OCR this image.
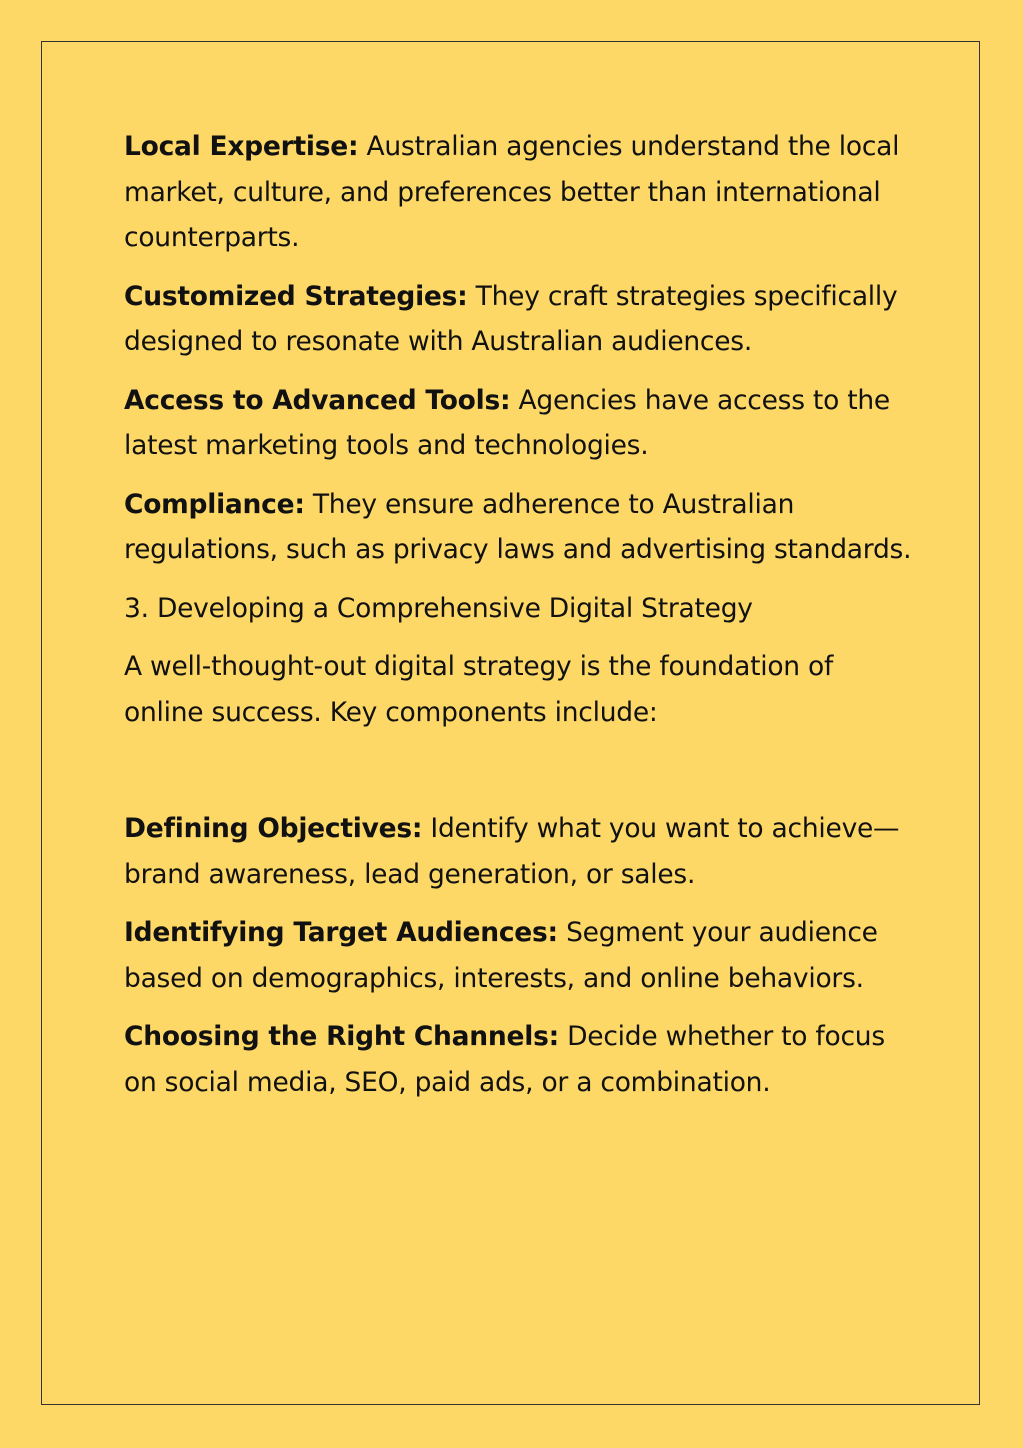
Local Expertise: Australian agencies understand the local market, culture, and preferences better than international counterparts.

Customized Strategies: They craft strategies specifically designed to resonate with Australian audiences.

Access to Advanced Tools: Agencies have access to the latest marketing tools and technologies.

Compliance: They ensure adherence to Australian regulations, such as privacy laws and advertising standards.

3. Developing a Comprehensive Digital Strategy

A well-thought-out digital strategy is the foundation of online success. Key components include:

Defining Objectives: Identify what you want to achieve—brand awareness, lead generation, or sales.

Identifying Target Audiences: Segment your audience based on demographics, interests, and online behaviors.

Choosing the Right Channels: Decide whether to focus on social media, SEO, paid ads, or a combination.
